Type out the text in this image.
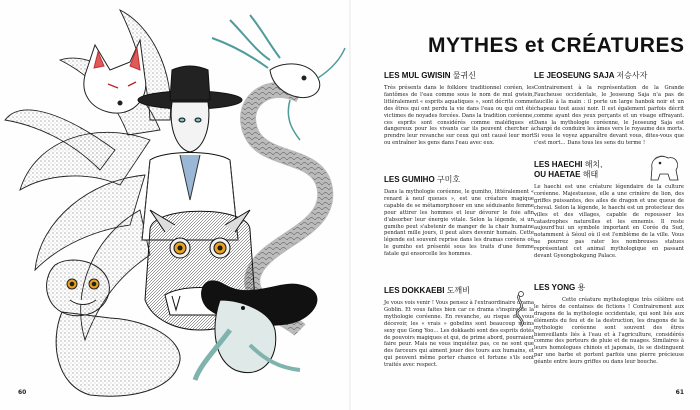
60
MYTHES et CRÉATURES
LES MUL GWISIN 물귀신
Très présents dans le folklore traditionnel coréen, les fantômes de l'eau comme sous le nom de mul gwisin, littéralement « esprits aquatiques », sont décrits comme des êtres qui ont perdu la vie dans l'eau ou qui ont été victimes de noyades forcées. Dans la tradition coréenne, ces esprits sont considérés comme maléfiques et dangereux pour les vivants car ils peuvent chercher à prendre leur revanche sur ceux qui ont causé leur mort ou entraîner les gens dans l'eau avec eux.
LES GUMIHO 구미호
Dans la mythologie coréenne, le gumiho, littéralement « renard à neuf queues », est une créature magique capable de se métamorphoser en une séduisante femme pour attirer les hommes et leur dévorer le foie afin d'absorber leur énergie vitale. Selon la légende, si un gumiho peut s'abstenir de manger de la chair humaine pendant mille jours, il peut alors devenir humain. Cette légende est souvent reprise dans les dramas coréens où le gumiho est présenté sous les traits d'une femme fatale qui ensorcelle les hommes.
LES DOKKAEBI 도깨비
Je vous vois venir ! Vous pensez à l'extraordinaire drama Goblin. Et vous faites bien car ce drama s'inspire de la mythologie coréenne. En revanche, au risque de vous décevoir, les « vrais » gobelins sont beaucoup moins sexy que Gong Yoo… Les dokkaebi sont des esprits dotés de pouvoirs magiques et qui, de prime abord, pourraient faire peur. Mais ne vous inquiétez pas, ce ne sont que des farceurs qui aiment jouer des tours aux humains, et qui peuvent même porter chance et fortune s'ils sont traités avec respect.
LE JEOSEUNG SAJA 저승사자
Contrairement à la représentation de la Grande Faucheuse occidentale, le Jeoseung Saja n'a pas de faucille à la main : il porte un large hanbok noir et un chapeau tout aussi noir. Il est également parfois décrit comme ayant des yeux perçants et un visage effrayant. Dans la mythologie coréenne, le Jeoseung Saja est chargé de conduire les âmes vers le royaume des morts. Si vous le voyez apparaître devant vous, dites-vous que c'est mort… Dans tous les sens du terme !
LES HAECHI 해치,
OU HAETAE 해태
Le haechi est une créature légendaire de la culture coréenne. Majestueuse, elle a une crinière de lion, des griffes puissantes, des ailes de dragon et une queue de cheval. Selon la légende, le haechi est un protecteur des villes et des villages, capable de repousser les catastrophes naturelles et les ennemis. Il reste aujourd'hui un symbole important en Corée du Sud, notamment à Séoul où il est l'emblème de la ville. Vous ne pourrez pas rater les nombreuses statues représentant cet animal mythologique en passant devant Gyeongbokgung Palace.
LES YONG 용
Cette créature mythologique très célèbre est le héros de centaines de fictions ! Contrairement aux dragons de la mythologie occidentale, qui sont liés aux éléments du feu et de la destruction, les dragons de la mythologie coréenne sont souvent des êtres bienveillants liés à l'eau et à l'agriculture, considérés comme des porteurs de pluie et de nuages. Similaires à leurs homologues chinois et japonais, ils se distinguent par une barbe et portent parfois une pierre précieuse géante entre leurs griffes ou dans leur bouche.
61
